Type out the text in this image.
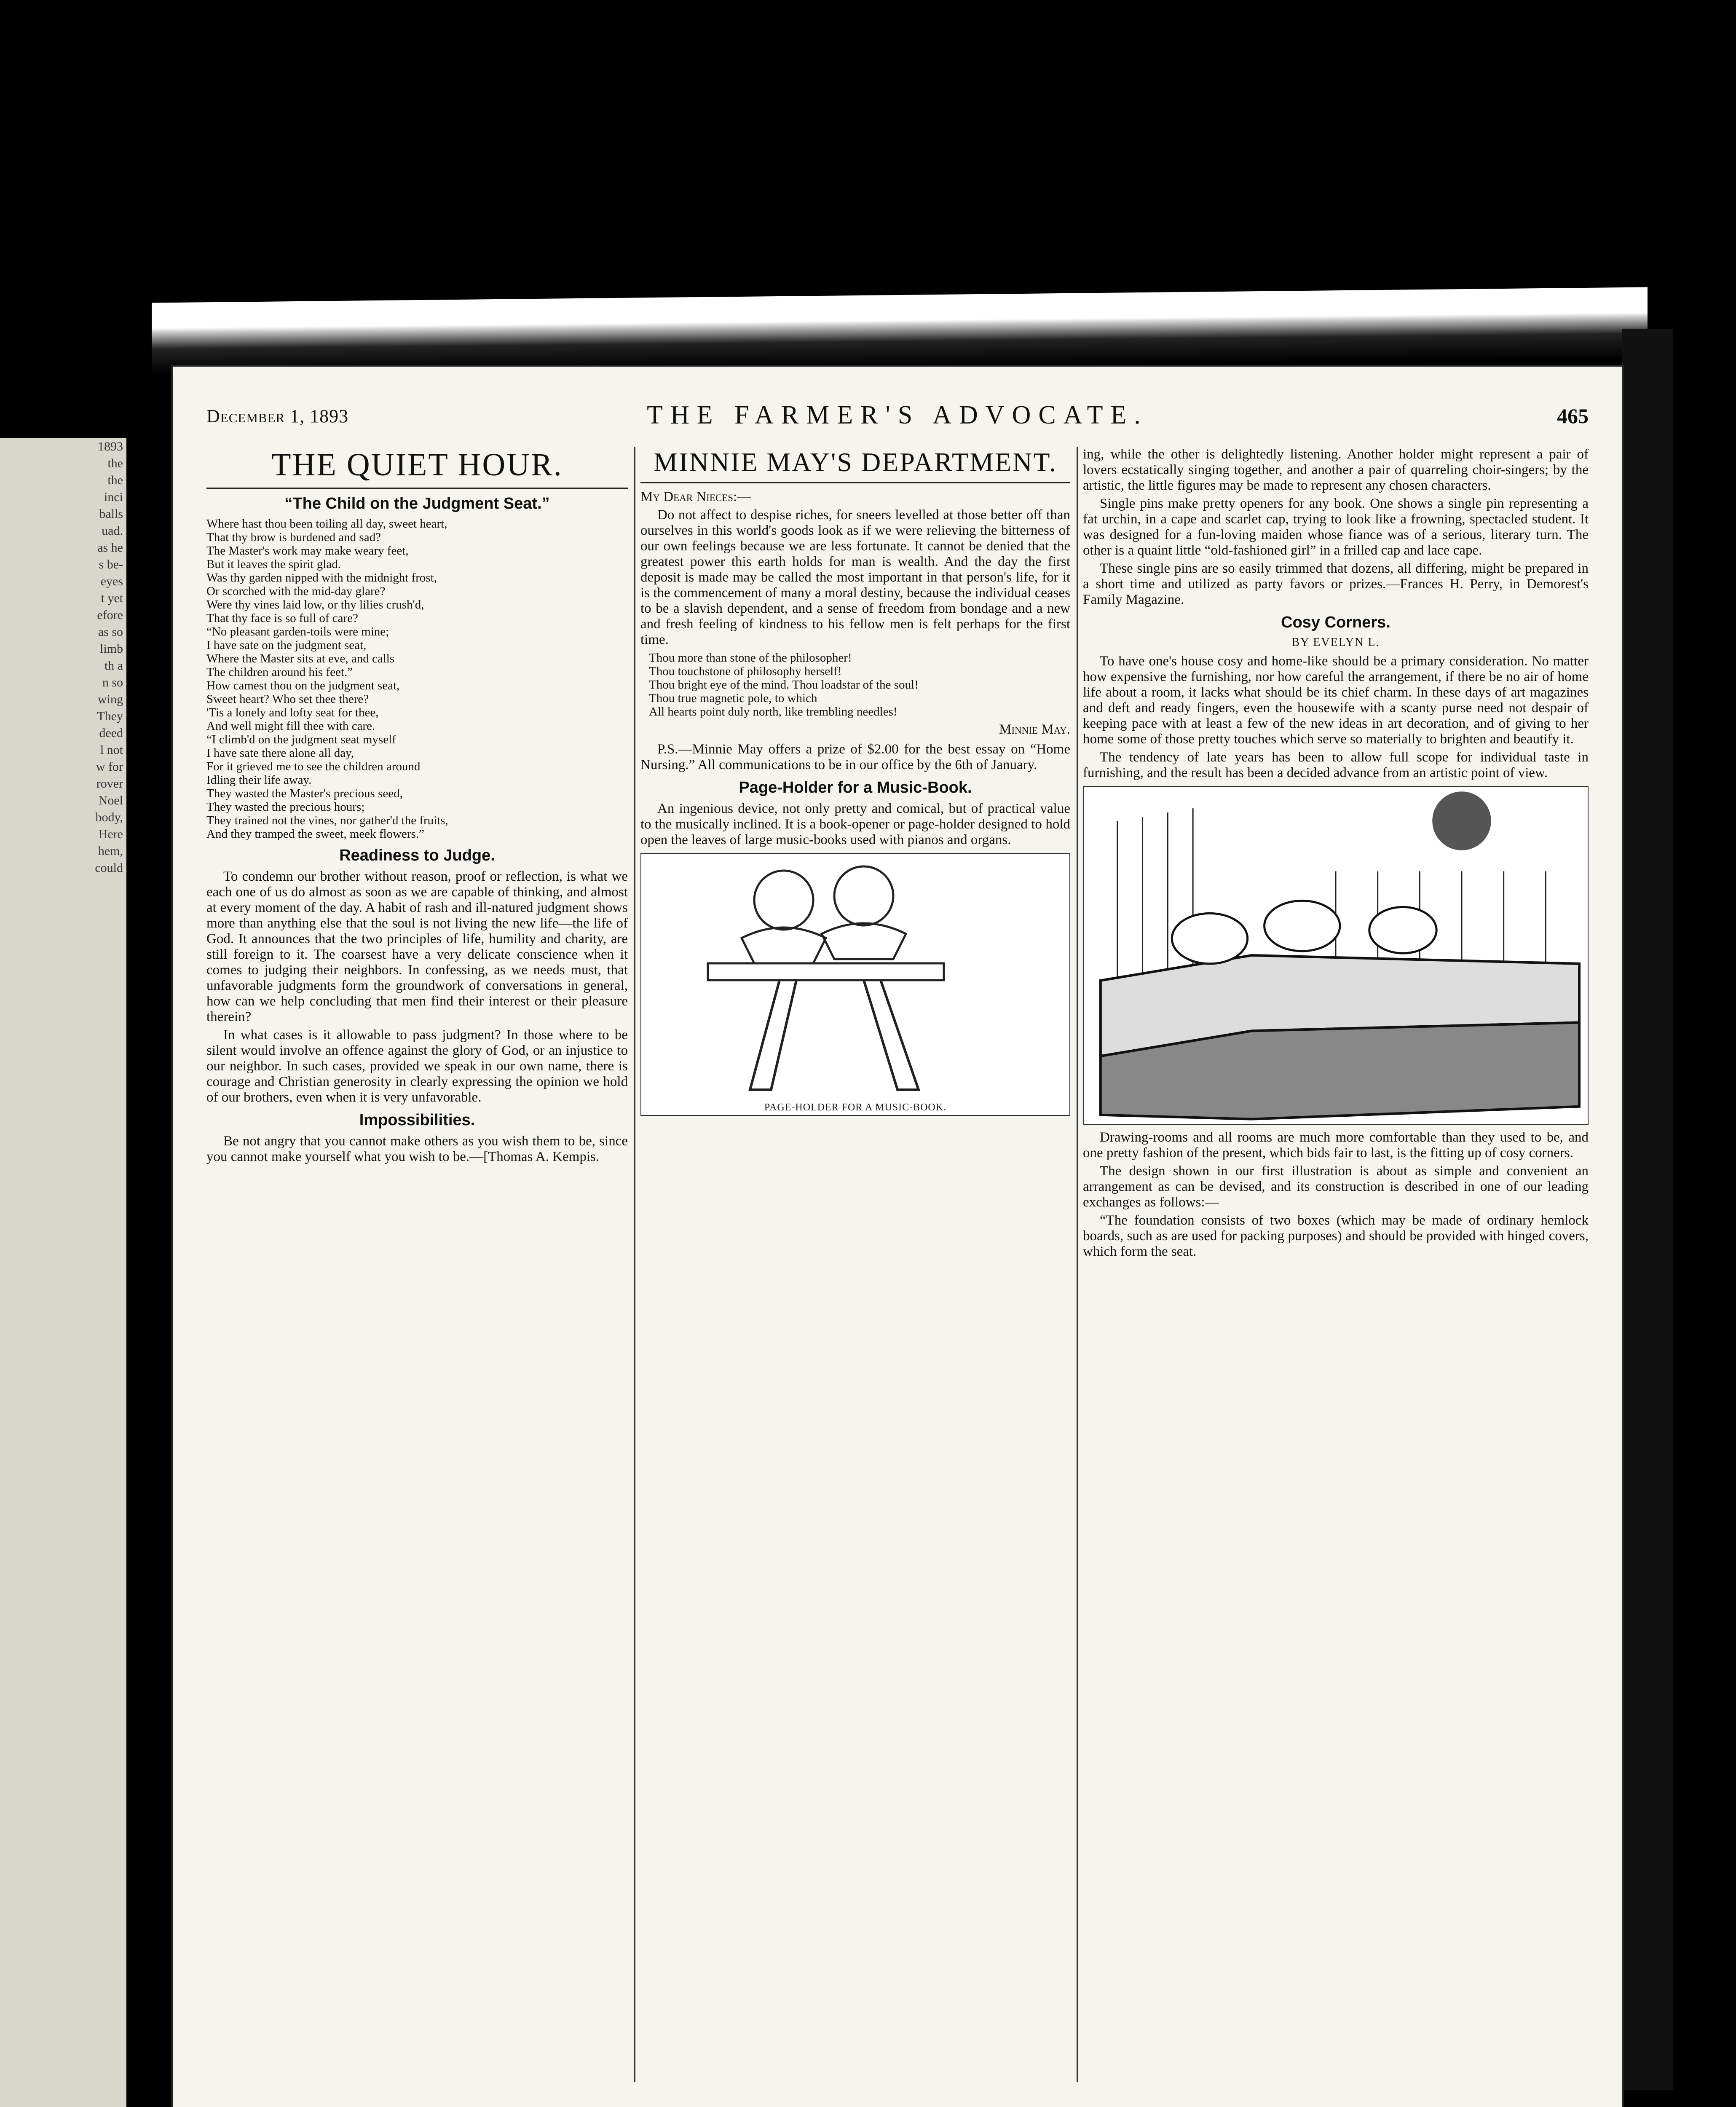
1893
the
the
inci
balls
uad.
as he
s be-
eyes
t yet
efore
as so
limb
th a
n so
wing
They
deed
l not
w for
rover
Noel
body,
Here
hem,
could
December 1, 1893	THE FARMER'S ADVOCATE.	465
THE QUIET HOUR.
“The Child on the Judgment Seat.”

Where hast thou been toiling all day, sweet heart,
That thy brow is burdened and sad?
The Master's work may make weary feet,
But it leaves the spirit glad.
Was thy garden nipped with the midnight frost,
Or scorched with the mid-day glare?
Were thy vines laid low, or thy lilies crush'd,
That thy face is so full of care?
“No pleasant garden-toils were mine;
I have sate on the judgment seat,
Where the Master sits at eve, and calls
The children around his feet.”
How camest thou on the judgment seat,
Sweet heart? Who set thee there?
'Tis a lonely and lofty seat for thee,
And well might fill thee with care.
“I climb'd on the judgment seat myself
I have sate there alone all day,
For it grieved me to see the children around
Idling their life away.
They wasted the Master's precious seed,
They wasted the precious hours;
They trained not the vines, nor gather'd the fruits,
And they tramped the sweet, meek flowers.”

Readiness to Judge.

To condemn our brother without reason, proof or reflection, is what we each one of us do almost as soon as we are capable of thinking, and almost at every moment of the day. A habit of rash and ill-natured judgment shows more than anything else that the soul is not living the new life—the life of God. It announces that the two principles of life, humility and charity, are still foreign to it. The coarsest have a very delicate conscience when it comes to judging their neighbors. In confessing, as we needs must, that unfavorable judgments form the groundwork of conversations in general, how can we help concluding that men find their interest or their pleasure therein?

In what cases is it allowable to pass judgment? In those where to be silent would involve an offence against the glory of God, or an injustice to our neighbor. In such cases, provided we speak in our own name, there is courage and Christian generosity in clearly expressing the opinion we hold of our brothers, even when it is very unfavorable.

Impossibilities.

Be not angry that you cannot make others as you wish them to be, since you cannot make yourself what you wish to be.—[Thomas A. Kempis.

MINNIE MAY'S DEPARTMENT.

My Dear Nieces:—

Do not affect to despise riches, for sneers levelled at those better off than ourselves in this world's goods look as if we were relieving the bitterness of our own feelings because we are less fortunate. It cannot be denied that the greatest power this earth holds for man is wealth. And the day the first deposit is made may be called the most important in that person's life, for it is the commencement of many a moral destiny, because the individual ceases to be a slavish dependent, and a sense of freedom from bondage and a new and fresh feeling of kindness to his fellow men is felt perhaps for the first time.

Thou more than stone of the philosopher!
Thou touchstone of philosophy herself!
Thou bright eye of the mind. Thou loadstar of the soul!
Thou true magnetic pole, to which
All hearts point duly north, like trembling needles!

Minnie May.

P.S.—Minnie May offers a prize of $2.00 for the best essay on “Home Nursing.” All communications to be in our office by the 6th of January.

Page-Holder for a Music-Book.

An ingenious device, not only pretty and comical, but of practical value to the musically inclined. It is a book-opener or page-holder designed to hold open the leaves of large music-books used with pianos and organs.

PAGE-HOLDER FOR A MUSIC-BOOK.

ing, while the other is delightedly listening. Another holder might represent a pair of lovers ecstatically singing together, and another a pair of quarreling choir-singers; by the artistic, the little figures may be made to represent any chosen characters.

Single pins make pretty openers for any book. One shows a single pin representing a fat urchin, in a cape and scarlet cap, trying to look like a frowning, spectacled student. It was designed for a fun-loving maiden whose fiance was of a serious, literary turn. The other is a quaint little “old-fashioned girl” in a frilled cap and lace cape.

These single pins are so easily trimmed that dozens, all differing, might be prepared in a short time and utilized as party favors or prizes.—Frances H. Perry, in Demorest's Family Magazine.

Cosy Corners.
BY EVELYN L.

To have one's house cosy and home-like should be a primary consideration. No matter how expensive the furnishing, nor how careful the arrangement, if there be no air of home life about a room, it lacks what should be its chief charm. In these days of art magazines and deft and ready fingers, even the housewife with a scanty purse need not despair of keeping pace with at least a few of the new ideas in art decoration, and of giving to her home some of those pretty touches which serve so materially to brighten and beautify it.

The tendency of late years has been to allow full scope for individual taste in furnishing, and the result has been a decided advance from an artistic point of view.

Drawing-rooms and all rooms are much more comfortable than they used to be, and one pretty fashion of the present, which bids fair to last, is the fitting up of cosy corners.

The design shown in our first illustration is about as simple and convenient an arrangement as can be devised, and its construction is described in one of our leading exchanges as follows:—

“The foundation consists of two boxes (which may be made of ordinary hemlock boards, such as are used for packing purposes) and should be provided with hinged covers, which form the seat.
